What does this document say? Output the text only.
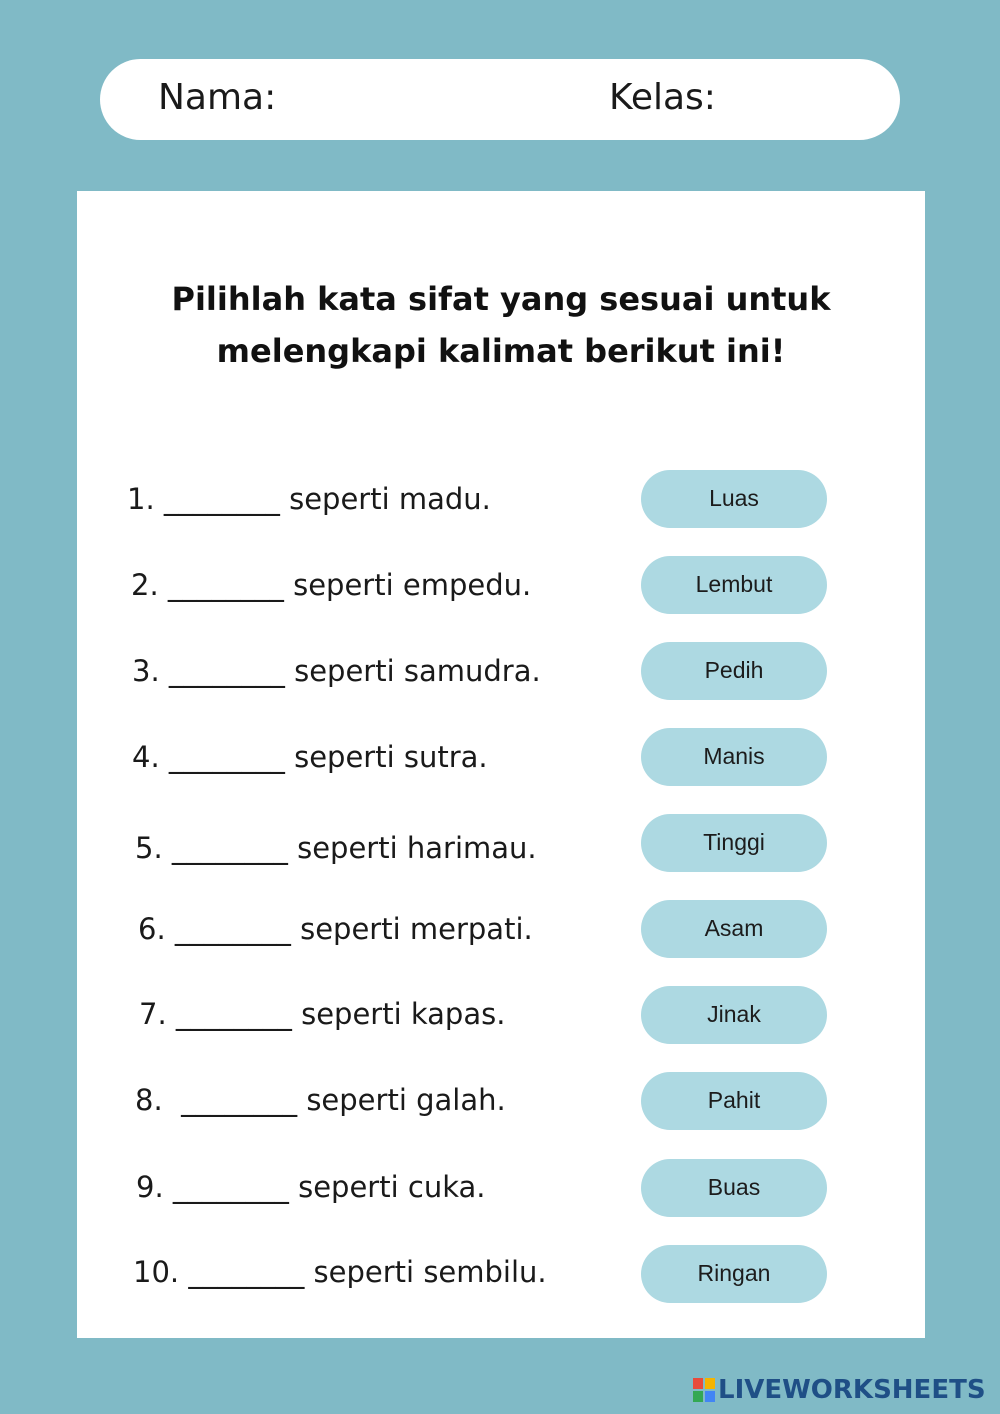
Nama:	Kelas:
Pilihlah kata sifat yang sesuai untuk
melengkapi kalimat berikut ini!
1. ________ seperti madu.
2. ________ seperti empedu.
3. ________ seperti samudra.
4. ________ seperti sutra.
5. ________ seperti harimau.
6. ________ seperti merpati.
7. ________ seperti kapas.
8.  ________ seperti galah.
9. ________ seperti cuka.
10. ________ seperti sembilu.
Luas
Lembut
Pedih
Manis
Tinggi
Asam
Jinak
Pahit
Buas
Ringan
LIVEWORKSHEETS
